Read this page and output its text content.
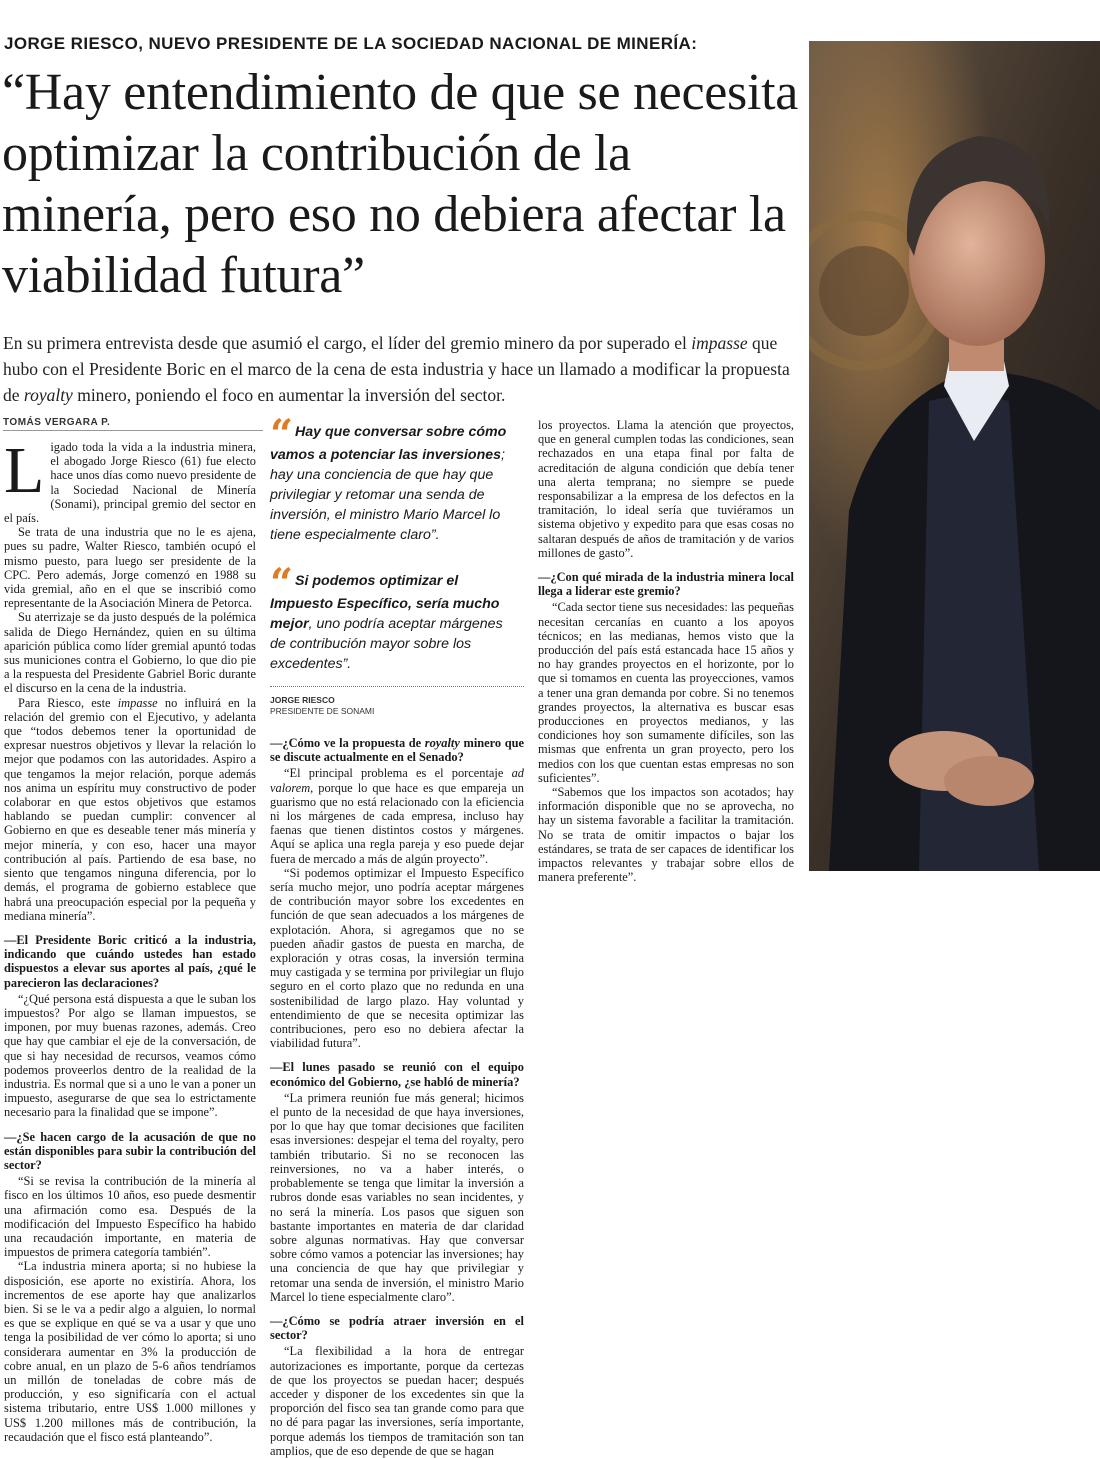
JORGE RIESCO, NUEVO PRESIDENTE DE LA SOCIEDAD NACIONAL DE MINERÍA:
“Hay entendimiento de que se necesita optimizar la contribución de la minería, pero eso no debiera afectar la viabilidad futura”
En su primera entrevista desde que asumió el cargo, el líder del gremio minero da por superado el impasse que hubo con el Presidente Boric en el marco de la cena de esta industria y hace un llamado a modificar la propuesta de royalty minero, poniendo el foco en aumentar la inversión del sector.
TOMÁS VERGARA P.

Ligado toda la vida a la industria minera, el abogado Jorge Riesco (61) fue electo hace unos días como nuevo presidente de la Sociedad Nacional de Minería (Sonami), principal gremio del sector en el país.

Se trata de una industria que no le es ajena, pues su padre, Walter Riesco, también ocupó el mismo puesto, para luego ser presidente de la CPC. Pero además, Jorge comenzó en 1988 su vida gremial, año en el que se inscribió como representante de la Asociación Minera de Petorca.

Su aterrizaje se da justo después de la polémica salida de Diego Hernández, quien en su última aparición pública como líder gremial apuntó todas sus municiones contra el Gobierno, lo que dio pie a la respuesta del Presidente Gabriel Boric durante el discurso en la cena de la industria.

Para Riesco, este impasse no influirá en la relación del gremio con el Ejecutivo, y adelanta que “todos debemos tener la oportunidad de expresar nuestros objetivos y llevar la relación lo mejor que podamos con las autoridades. Aspiro a que tengamos la mejor relación, porque además nos anima un espíritu muy constructivo de poder colaborar en que estos objetivos que estamos hablando se puedan cumplir: convencer al Gobierno en que es deseable tener más minería y mejor minería, y con eso, hacer una mayor contribución al país. Partiendo de esa base, no siento que tengamos ninguna diferencia, por lo demás, el programa de gobierno establece que habrá una preocupación especial por la pequeña y mediana minería”.

—El Presidente Boric criticó a la industria, indicando que cuándo ustedes han estado dispuestos a elevar sus aportes al país, ¿qué le parecieron las declaraciones?

“¿Qué persona está dispuesta a que le suban los impuestos? Por algo se llaman impuestos, se imponen, por muy buenas razones, además. Creo que hay que cambiar el eje de la conversación, de que si hay necesidad de recursos, veamos cómo podemos proveerlos dentro de la realidad de la industria. Es normal que si a uno le van a poner un impuesto, asegurarse de que sea lo estrictamente necesario para la finalidad que se impone”.

—¿Se hacen cargo de la acusación de que no están disponibles para subir la contribución del sector?

“Si se revisa la contribución de la minería al fisco en los últimos 10 años, eso puede desmentir una afirmación como esa. Después de la modificación del Impuesto Específico ha habido una recaudación importante, en materia de impuestos de primera categoría también”.

“La industria minera aporta; si no hubiese la disposición, ese aporte no existiría. Ahora, los incrementos de ese aporte hay que analizarlos bien. Si se le va a pedir algo a alguien, lo normal es que se explique en qué se va a usar y que uno tenga la posibilidad de ver cómo lo aporta; si uno considerara aumentar en 3% la producción de cobre anual, en un plazo de 5-6 años tendríamos un millón de toneladas de cobre más de producción, y eso significaría con el actual sistema tributario, entre US$ 1.000 millones y US$ 1.200 millones más de contribución, la recaudación que el fisco está planteando”.

“ Hay que conversar sobre cómo vamos a potenciar las inversiones; hay una conciencia de que hay que privilegiar y retomar una senda de inversión, el ministro Mario Marcel lo tiene especialmente claro”.
“ Si podemos optimizar el Impuesto Específico, sería mucho mejor, uno podría aceptar márgenes de contribución mayor sobre los excedentes”.
JORGE RIESCO
PRESIDENTE DE SONAMI

—¿Cómo ve la propuesta de royalty minero que se discute actualmente en el Senado?

“El principal problema es el porcentaje ad valorem, porque lo que hace es que empareja un guarismo que no está relacionado con la eficiencia ni los márgenes de cada empresa, incluso hay faenas que tienen distintos costos y márgenes. Aquí se aplica una regla pareja y eso puede dejar fuera de mercado a más de algún proyecto”.

“Si podemos optimizar el Impuesto Específico sería mucho mejor, uno podría aceptar márgenes de contribución mayor sobre los excedentes en función de que sean adecuados a los márgenes de explotación. Ahora, si agregamos que no se pueden añadir gastos de puesta en marcha, de exploración y otras cosas, la inversión termina muy castigada y se termina por privilegiar un flujo seguro en el corto plazo que no redunda en una sostenibilidad de largo plazo. Hay voluntad y entendimiento de que se necesita optimizar las contribuciones, pero eso no debiera afectar la viabilidad futura”.

—El lunes pasado se reunió con el equipo económico del Gobierno, ¿se habló de minería?

“La primera reunión fue más general; hicimos el punto de la necesidad de que haya inversiones, por lo que hay que tomar decisiones que faciliten esas inversiones: despejar el tema del royalty, pero también tributario. Si no se reconocen las reinversiones, no va a haber interés, o probablemente se tenga que limitar la inversión a rubros donde esas variables no sean incidentes, y no será la minería. Los pasos que siguen son bastante importantes en materia de dar claridad sobre algunas normativas. Hay que conversar sobre cómo vamos a potenciar las inversiones; hay una conciencia de que hay que privilegiar y retomar una senda de inversión, el ministro Mario Marcel lo tiene especialmente claro”.

—¿Cómo se podría atraer inversión en el sector?

“La flexibilidad a la hora de entregar autorizaciones es importante, porque da certezas de que los proyectos se puedan hacer; después acceder y disponer de los excedentes sin que la proporción del fisco sea tan grande como para que no dé para pagar las inversiones, sería importante, porque además los tiempos de tramitación son tan amplios, que de eso depende de que se hagan

los proyectos. Llama la atención que proyectos, que en general cumplen todas las condiciones, sean rechazados en una etapa final por falta de acreditación de alguna condición que debía tener una alerta temprana; no siempre se puede responsabilizar a la empresa de los defectos en la tramitación, lo ideal sería que tuviéramos un sistema objetivo y expedito para que esas cosas no saltaran después de años de tramitación y de varios millones de gasto”.

—¿Con qué mirada de la industria minera local llega a liderar este gremio?

“Cada sector tiene sus necesidades: las pequeñas necesitan cercanías en cuanto a los apoyos técnicos; en las medianas, hemos visto que la producción del país está estancada hace 15 años y no hay grandes proyectos en el horizonte, por lo que si tomamos en cuenta las proyecciones, vamos a tener una gran demanda por cobre. Si no tenemos grandes proyectos, la alternativa es buscar esas producciones en proyectos medianos, y las condiciones hoy son sumamente difíciles, son las mismas que enfrenta un gran proyecto, pero los medios con los que cuentan estas empresas no son suficientes”.

“Sabemos que los impactos son acotados; hay información disponible que no se aprovecha, no hay un sistema favorable a facilitar la tramitación. No se trata de omitir impactos o bajar los estándares, se trata de ser capaces de identificar los impactos relevantes y trabajar sobre ellos de manera preferente”.
